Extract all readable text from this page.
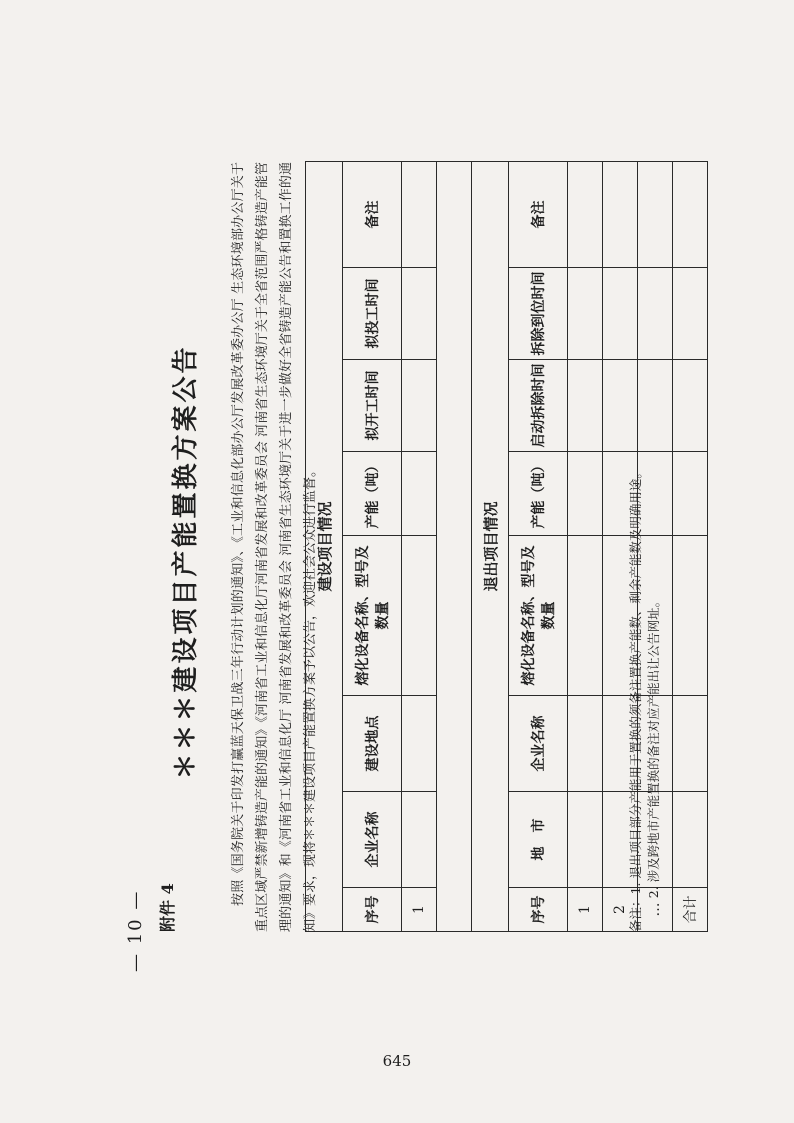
— 10 — 附件 4
＊＊＊建设项目产能置换方案公告	按照《国务院关于印发打赢蓝天保卫战三年行动计划的通知》、《工业和信息化部办公厅发展改革委办公厅 生态环境部办公厅关于重点区域严禁新增铸造产能的通知》《河南省工业和信息化厅河南省发展和改革委员会 河南省生态环境厅关于全省范围严格铸造产能管理的通知》和《河南省工业和信息化厅 河南省发展和改革委员会 河南省生态环境厅关于进一步做好全省铸造产能公告和置换工作的通知》要求，现将＊＊＊建设项目产能置换方案予以公告，欢迎社会公众进行监督。

建设项目情况							
序号	企业名称	建设地点	熔化设备名称、型号及数量	产能（吨）	拟开工时间	拟投工时间	备注
1							

退出项目情况							
序号	地　市	企业名称	熔化设备名称、型号及数量	产能（吨）	启动拆除时间	拆除到位时间	备注
1							
2							
…							
合计							
备注：1. 退出项目部分产能用于置换的须备注置换产能数、剩余产能数及明确用途。 2. 涉及跨地市产能置换的备注对应产能出让公告网址。
645
